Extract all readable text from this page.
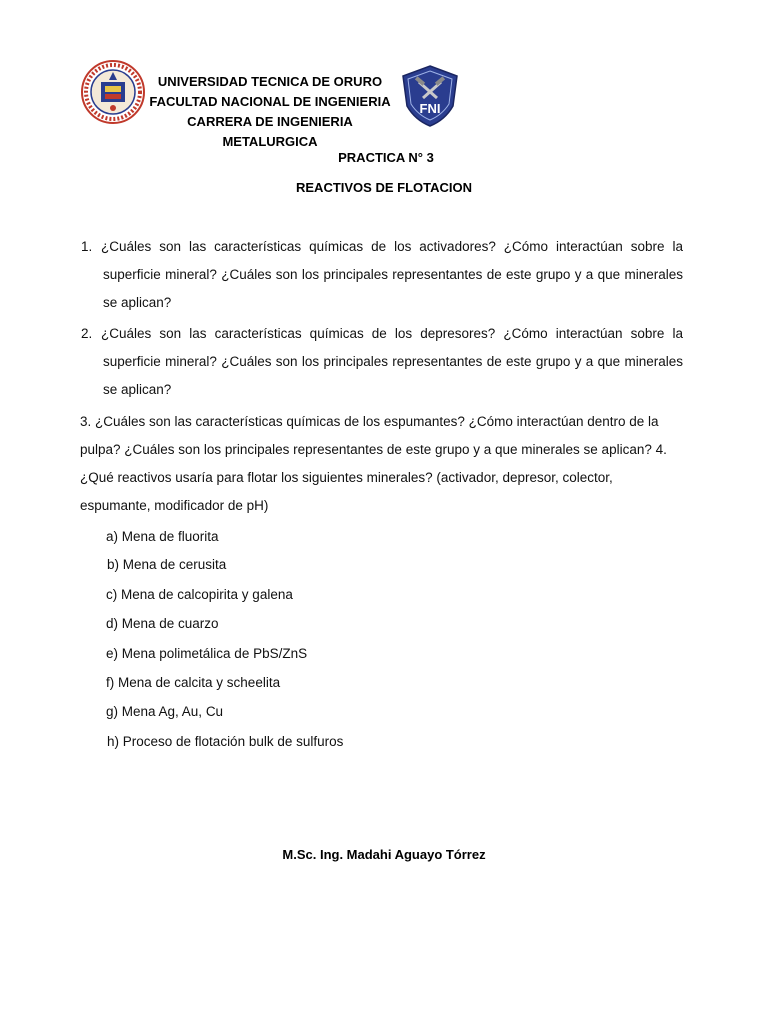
UNIVERSIDAD TECNICA DE ORURO
FACULTAD NACIONAL DE INGENIERIA
CARRERA DE INGENIERIA METALURGICA
FNI
PRACTICA N° 3
REACTIVOS DE FLOTACION
1. ¿Cuáles son las características químicas de los activadores? ¿Cómo interactúan sobre la
superficie mineral? ¿Cuáles son los principales representantes de este grupo y a que minerales
se aplican?
2. ¿Cuáles son las características químicas de los depresores? ¿Cómo interactúan sobre la
superficie mineral? ¿Cuáles son los principales representantes de este grupo y a que minerales
se aplican?
3. ¿Cuáles son las características químicas de los espumantes? ¿Cómo interactúan dentro de la
pulpa? ¿Cuáles son los principales representantes de este grupo y a que minerales se aplican? 4.
¿Qué reactivos usaría para flotar los siguientes minerales? (activador, depresor, colector,
espumante, modificador de pH)
a) Mena de fluorita
b) Mena de cerusita
c) Mena de calcopirita y galena
d) Mena de cuarzo
e) Mena polimetálica de PbS/ZnS
f) Mena de calcita y scheelita
g) Mena Ag, Au, Cu
h) Proceso de flotación bulk de sulfuros
M.Sc. Ing. Madahi Aguayo Tórrez
